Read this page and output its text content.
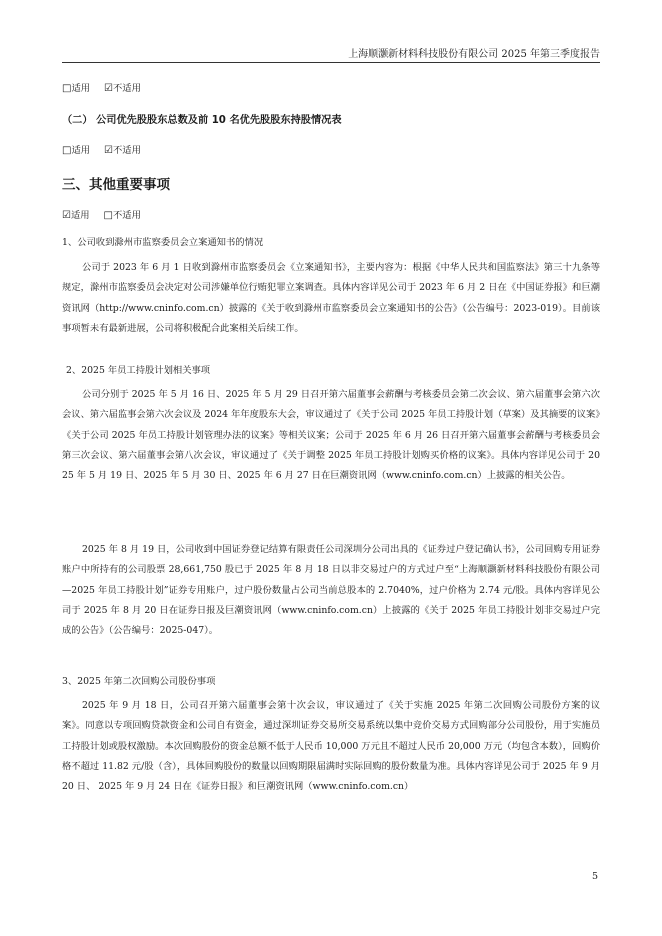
上海顺灏新材料科技股份有限公司 2025 年第三季度报告
□适用 ☑不适用
（二） 公司优先股股东总数及前 10 名优先股股东持股情况表
□适用 ☑不适用
三、其他重要事项
☑适用 □不适用
1、公司收到滁州市监察委员会立案通知书的情况
公司于 2023 年 6 月 1 日收到滁州市监察委员会《立案通知书》，主要内容为：根据《中华人民共和国监察法》第三十九条等规定，滁州市监察委员会决定对公司涉嫌单位行贿犯罪立案调查。具体内容详见公司于 2023 年 6 月 2 日在《中国证券报》和巨潮资讯网（http://www.cninfo.com.cn）披露的《关于收到滁州市监察委员会立案通知书的公告》（公告编号：2023-019）。目前该事项暂未有最新进展，公司将积极配合此案相关后续工作。
2、2025 年员工持股计划相关事项
公司分别于 2025 年 5 月 16 日、2025 年 5 月 29 日召开第六届董事会薪酬与考核委员会第二次会议、第六届董事会第六次会议、第六届监事会第六次会议及 2024 年年度股东大会，审议通过了《关于公司 2025 年员工持股计划（草案）及其摘要的议案》《关于公司 2025 年员工持股计划管理办法的议案》等相关议案；公司于 2025 年 6 月 26 日召开第六届董事会薪酬与考核委员会第三次会议、第六届董事会第八次会议，审议通过了《关于调整 2025 年员工持股计划购买价格的议案》。具体内容详见公司于 2025 年 5 月 19 日、2025 年 5 月 30 日、2025 年 6 月 27 日在巨潮资讯网（www.cninfo.com.cn）上披露的相关公告。
2025 年 8 月 19 日，公司收到中国证券登记结算有限责任公司深圳分公司出具的《证券过户登记确认书》，公司回购专用证券账户中所持有的公司股票 28,661,750 股已于 2025 年 8 月 18 日以非交易过户的方式过户至“上海顺灏新材料科技股份有限公司—2025 年员工持股计划”证券专用账户，过户股份数量占公司当前总股本的 2.7040%，过户价格为 2.74 元/股。具体内容详见公司于 2025 年 8 月 20 日在证券日报及巨潮资讯网（www.cninfo.com.cn）上披露的《关于 2025 年员工持股计划非交易过户完成的公告》（公告编号：2025-047）。
3、2025 年第二次回购公司股份事项
2025 年 9 月 18 日，公司召开第六届董事会第十次会议，审议通过了《关于实施 2025 年第二次回购公司股份方案的议案》。同意以专项回购贷款资金和公司自有资金，通过深圳证券交易所交易系统以集中竞价交易方式回购部分公司股份，用于实施员工持股计划或股权激励。本次回购股份的资金总额不低于人民币 10,000 万元且不超过人民币 20,000 万元（均包含本数），回购价格不超过 11.82 元/股（含），具体回购股份的数量以回购期限届满时实际回购的股份数量为准。具体内容详见公司于 2025 年 9 月 20 日、 2025 年 9 月 24 日在《证券日报》和巨潮资讯网（www.cninfo.com.cn）
5
